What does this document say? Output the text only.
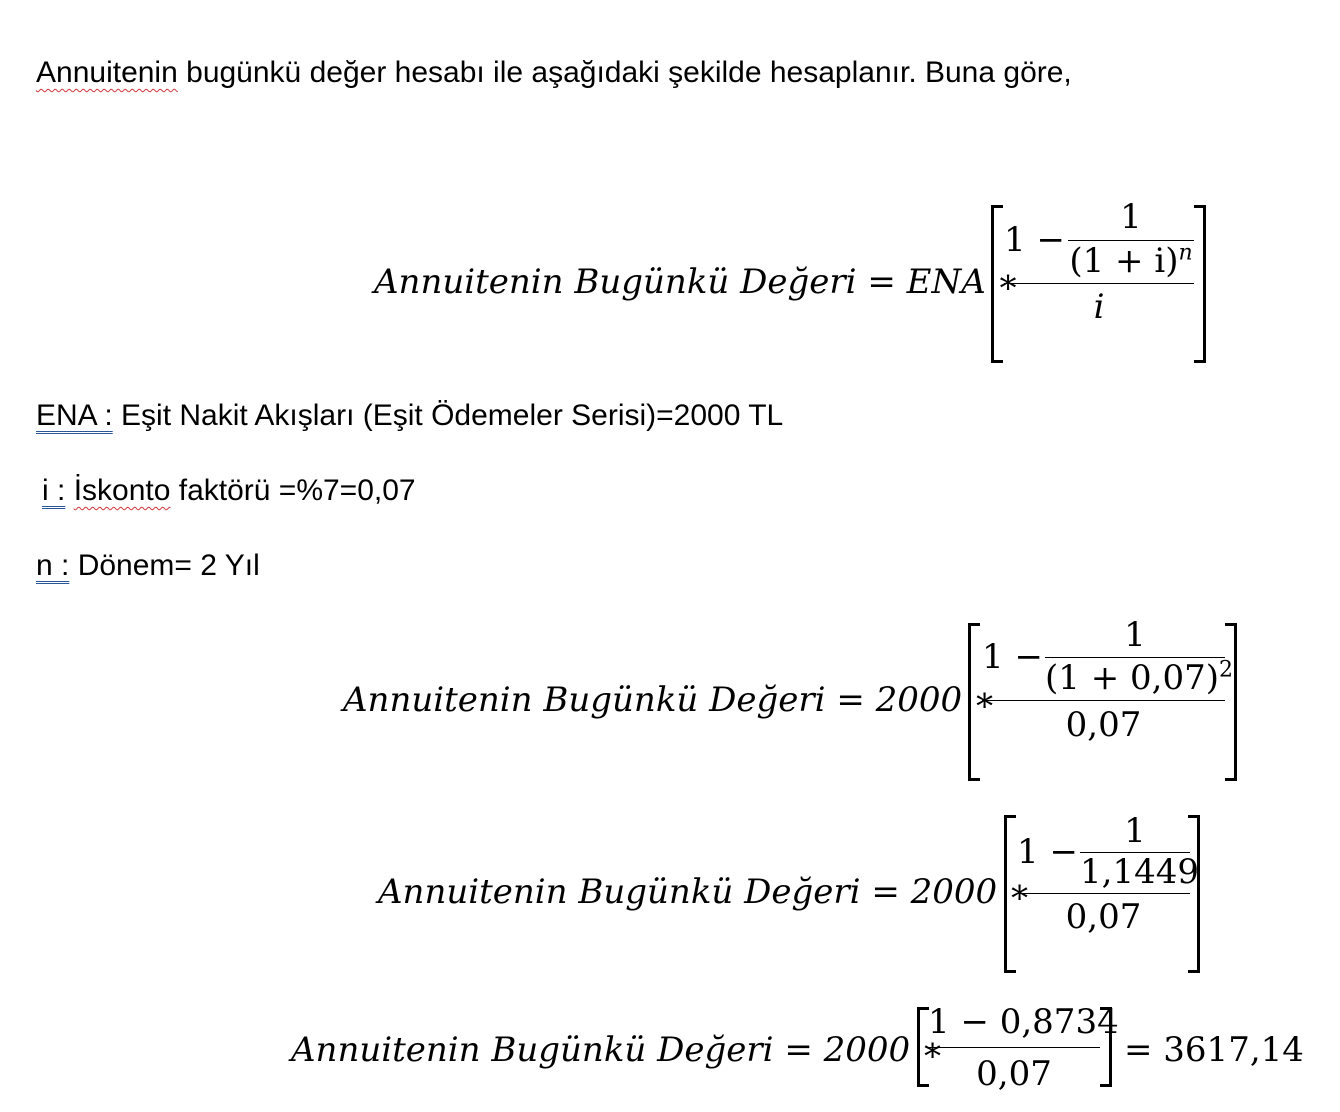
Annuitenin bugünkü değer hesabı ile aşağıdaki şekilde hesaplanır. Buna göre,
Annuitenin Bugünkü Değeri = ENA ∗
1 −
1
$(1 + i)^n$
i
ENA : Eşit Nakit Akışları (Eşit Ödemeler Serisi)=2000 TL
i : İskonto faktörü =%7=0,07
n : Dönem= 2 Yıl
Annuitenin Bugünkü Değeri = 2000 ∗
1 −
1
$(1 + 0,07)^2$
0,07
Annuitenin Bugünkü Değeri = 2000 ∗
1 −
1
1,1449
0,07
Annuitenin Bugünkü Değeri = 2000 ∗
1 − 0,8734
0,07
= 3617,14
